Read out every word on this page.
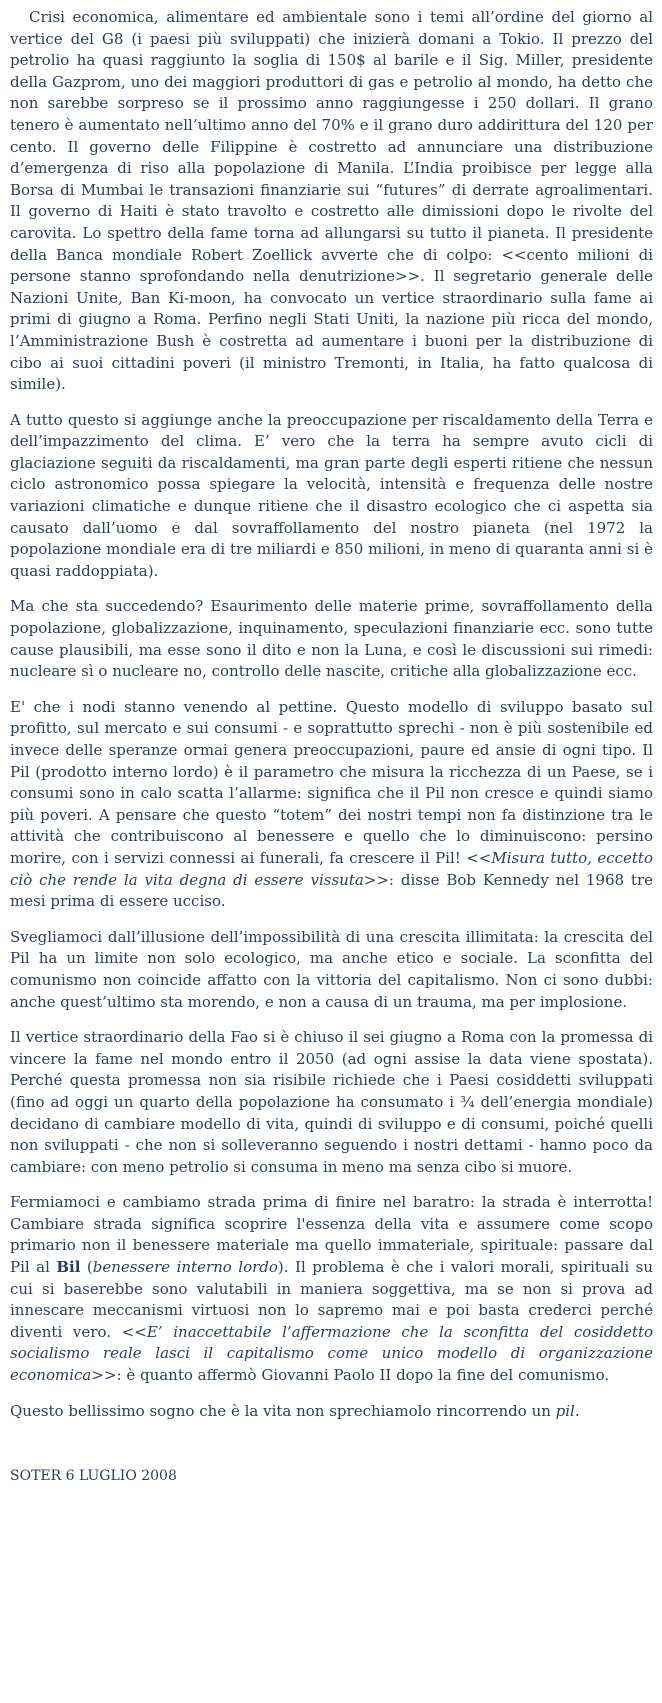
Crisi economica, alimentare ed ambientale sono i temi all’ordine del giorno al vertice del G8 (i paesi più sviluppati) che inizierà domani a Tokio. Il prezzo del petrolio ha quasi raggiunto la soglia di 150$ al barile e il Sig. Miller, presidente della Gazprom, uno dei maggiori produttori di gas e petrolio al mondo, ha detto che non sarebbe sorpreso se il prossimo anno raggiungesse i 250 dollari. Il grano tenero è aumentato nell’ultimo anno del 70% e il grano duro addirittura del 120 per cento. Il governo delle Filippine è costretto ad annunciare una distribuzione d’emergenza di riso alla popolazione di Manila. L’India proibisce per legge alla Borsa di Mumbai le transazioni finanziarie sui “futures” di derrate agroalimentari. Il governo di Haiti è stato travolto e costretto alle dimissioni dopo le rivolte del carovita. Lo spettro della fame torna ad allungarsi su tutto il pianeta. Il presidente della Banca mondiale Robert Zoellick avverte che di colpo: <<cento milioni di persone stanno sprofondando nella denutrizione>>. Il segretario generale delle Nazioni Unite, Ban Ki-moon, ha convocato un vertice straordinario sulla fame ai primi di giugno a Roma. Perfino negli Stati Uniti, la nazione più ricca del mondo, l’Amministrazione Bush è costretta ad aumentare i buoni per la distribuzione di cibo ai suoi cittadini poveri (il ministro Tremonti, in Italia, ha fatto qualcosa di simile).

A tutto questo si aggiunge anche la preoccupazione per riscaldamento della Terra e dell’impazzimento del clima. E’ vero che la terra ha sempre avuto cicli di glaciazione seguiti da riscaldamenti, ma gran parte degli esperti ritiene che nessun ciclo astronomico possa spiegare la velocità, intensità e frequenza delle nostre variazioni climatiche e dunque ritiene che il disastro ecologico che ci aspetta sia causato dall’uomo e dal sovraffollamento del nostro pianeta (nel 1972 la popolazione mondiale era di tre miliardi e 850 milioni, in meno di quaranta anni si è quasi raddoppiata).

Ma che sta succedendo? Esaurimento delle materie prime, sovraffollamento della popolazione, globalizzazione, inquinamento, speculazioni finanziarie ecc. sono tutte cause plausibili, ma esse sono il dito e non la Luna, e così le discussioni sui rimedi: nucleare sì o nucleare no, controllo delle nascite, critiche alla globalizzazione ecc.

E' che i nodi stanno venendo al pettine. Questo modello di sviluppo basato sul profitto, sul mercato e sui consumi - e soprattutto sprechi - non è più sostenibile ed invece delle speranze ormai genera preoccupazioni, paure ed ansie di ogni tipo. Il Pil (prodotto interno lordo) è il parametro che misura la ricchezza di un Paese, se i consumi sono in calo scatta l’allarme: significa che il Pil non cresce e quindi siamo più poveri. A pensare che questo “totem” dei nostri tempi non fa distinzione tra le attività che contribuiscono al benessere e quello che lo diminuiscono: persino morire, con i servizi connessi ai funerali, fa crescere il Pil! <<Misura tutto, eccetto ciò che rende la vita degna di essere vissuta>>: disse Bob Kennedy nel 1968 tre mesi prima di essere ucciso.

Svegliamoci dall’illusione dell’impossibilità di una crescita illimitata: la crescita del Pil ha un limite non solo ecologico, ma anche etico e sociale. La sconfitta del comunismo non coincide affatto con la vittoria del capitalismo. Non ci sono dubbi: anche quest’ultimo sta morendo, e non a causa di un trauma, ma per implosione.

Il vertice straordinario della Fao si è chiuso il sei giugno a Roma con la promessa di vincere la fame nel mondo entro il 2050 (ad ogni assise la data viene spostata). Perché questa promessa non sia risibile richiede che i Paesi cosiddetti sviluppati (fino ad oggi un quarto della popolazione ha consumato i ¾ dell’energia mondiale) decidano di cambiare modello di vita, quindi di sviluppo e di consumi, poiché quelli non sviluppati - che non si solleveranno seguendo i nostri dettami - hanno poco da cambiare: con meno petrolio si consuma in meno ma senza cibo si muore.

Fermiamoci e cambiamo strada prima di finire nel baratro: la strada è interrotta! Cambiare strada significa scoprire l'essenza della vita e assumere come scopo primario non il benessere materiale ma quello immateriale, spirituale: passare dal Pil al Bil (benessere interno lordo). Il problema è che i valori morali, spirituali su cui si baserebbe sono valutabili in maniera soggettiva, ma se non si prova ad innescare meccanismi virtuosi non lo sapremo mai e poi basta crederci perché diventi vero. <<E’ inaccettabile l’affermazione che la sconfitta del cosiddetto socialismo reale lasci il capitalismo come unico modello di organizzazione economica>>: è quanto affermò Giovanni Paolo II dopo la fine del comunismo.

Questo bellissimo sogno che è la vita non sprechiamolo rincorrendo un pil.

SOTER 6 LUGLIO 2008
